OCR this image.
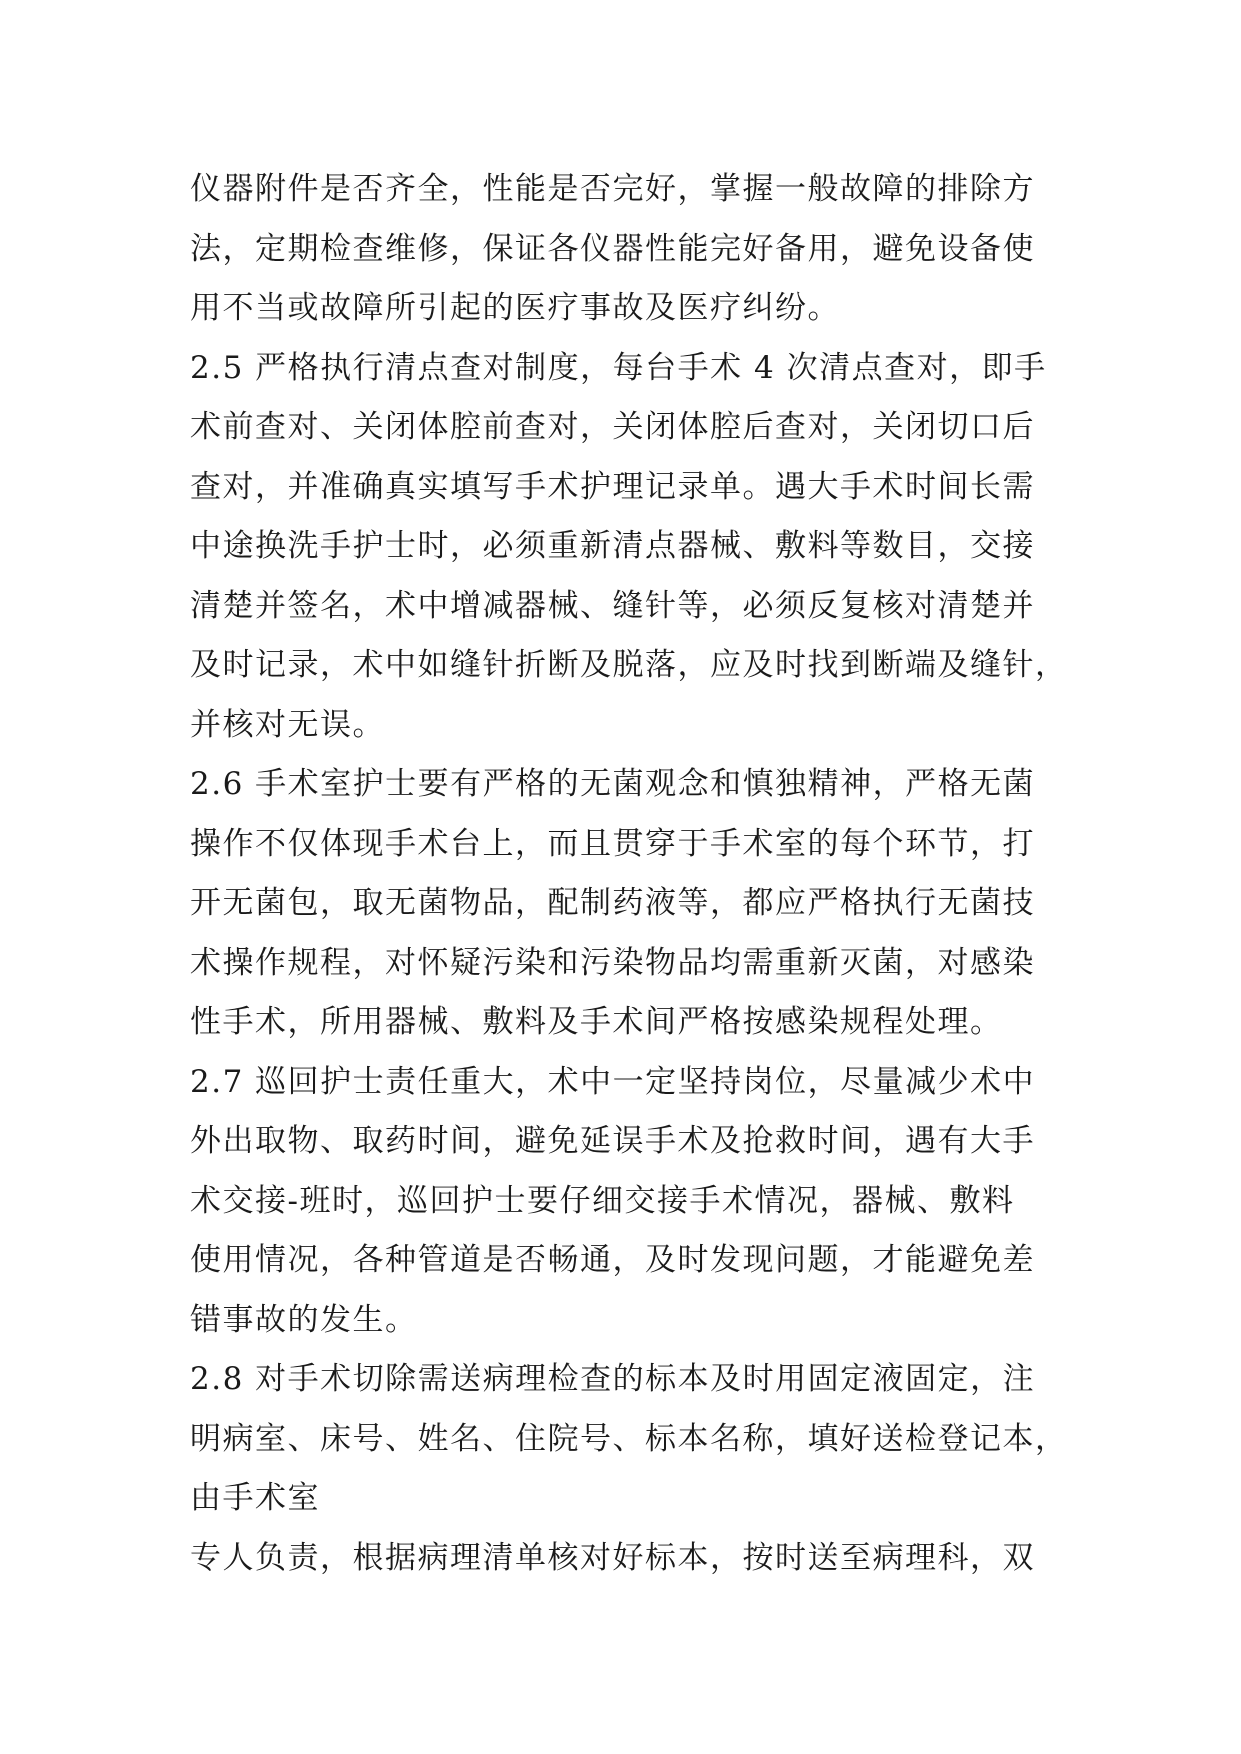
仪器附件是否齐全，性能是否完好，掌握一般故障的排除方
法，定期检查维修，保证各仪器性能完好备用，避免设备使
用不当或故障所引起的医疗事故及医疗纠纷。
2.5 严格执行清点查对制度，每台手术 4 次清点查对，即手
术前查对、关闭体腔前查对，关闭体腔后查对，关闭切口后
查对，并准确真实填写手术护理记录单。遇大手术时间长需
中途换洗手护士时，必须重新清点器械、敷料等数目，交接
清楚并签名，术中增减器械、缝针等，必须反复核对清楚并
及时记录，术中如缝针折断及脱落，应及时找到断端及缝针，
并核对无误。
2.6 手术室护士要有严格的无菌观念和慎独精神，严格无菌
操作不仅体现手术台上，而且贯穿于手术室的每个环节，打
开无菌包，取无菌物品，配制药液等，都应严格执行无菌技
术操作规程，对怀疑污染和污染物品均需重新灭菌，对感染
性手术，所用器械、敷料及手术间严格按感染规程处理。
2.7 巡回护士责任重大，术中一定坚持岗位，尽量减少术中
外出取物、取药时间，避免延误手术及抢救时间，遇有大手
术交接-班时，巡回护士要仔细交接手术情况，器械、敷料
使用情况，各种管道是否畅通，及时发现问题，才能避免差
错事故的发生。
2.8 对手术切除需送病理检查的标本及时用固定液固定，注
明病室、床号、姓名、住院号、标本名称，填好送检登记本，
由手术室
专人负责，根据病理清单核对好标本，按时送至病理科，双
